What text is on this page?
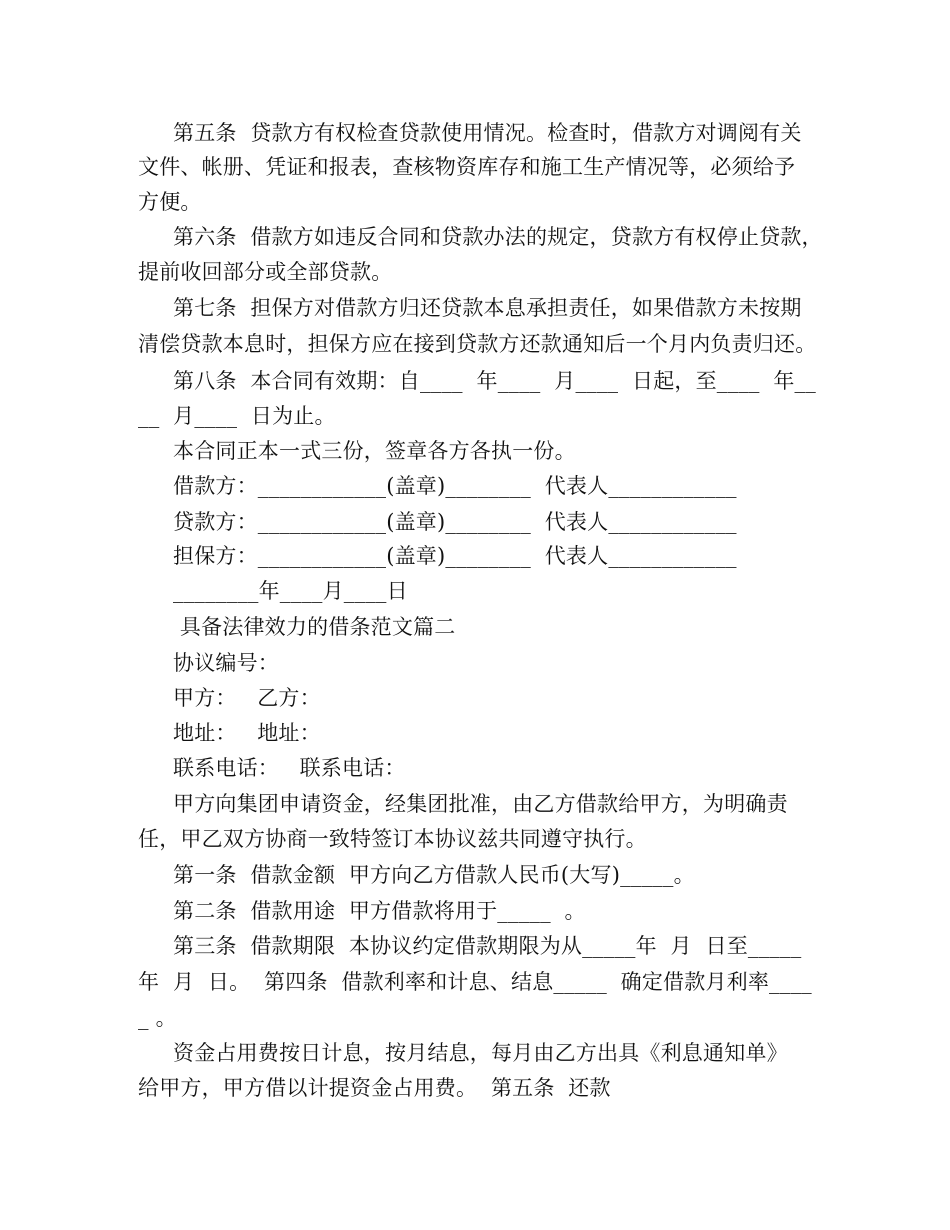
第五条  贷款方有权检查贷款使用情况。检查时，借款方对调阅有关
文件、帐册、凭证和报表，查核物资库存和施工生产情况等，必须给予
方便。
第六条  借款方如违反合同和贷款办法的规定，贷款方有权停止贷款，
提前收回部分或全部贷款。
第七条  担保方对借款方归还贷款本息承担责任，如果借款方未按期
清偿贷款本息时，担保方应在接到贷款方还款通知后一个月内负责归还。
第八条  本合同有效期：自____  年____  月____  日起，至____  年__
__  月____  日为止。
本合同正本一式三份，签章各方各执一份。
借款方：____________(盖章)________  代表人____________
贷款方：____________(盖章)________  代表人____________
担保方：____________(盖章)________  代表人____________
________年____月____日
具备法律效力的借条范文篇二
协议编号：
甲方：   乙方：
地址：   地址：
联系电话：   联系电话：
甲方向集团申请资金，经集团批准，由乙方借款给甲方，为明确责
任，甲乙双方协商一致特签订本协议兹共同遵守执行。
第一条  借款金额  甲方向乙方借款人民币(大写)_____。
第二条  借款用途  甲方借款将用于_____  。
第三条  借款期限  本协议约定借款期限为从_____年  月  日至_____
年  月  日。  第四条  借款利率和计息、结息_____  确定借款月利率____
_ 。
资金占用费按日计息，按月结息，每月由乙方出具《利息通知单》
给甲方，甲方借以计提资金占用费。  第五条  还款
